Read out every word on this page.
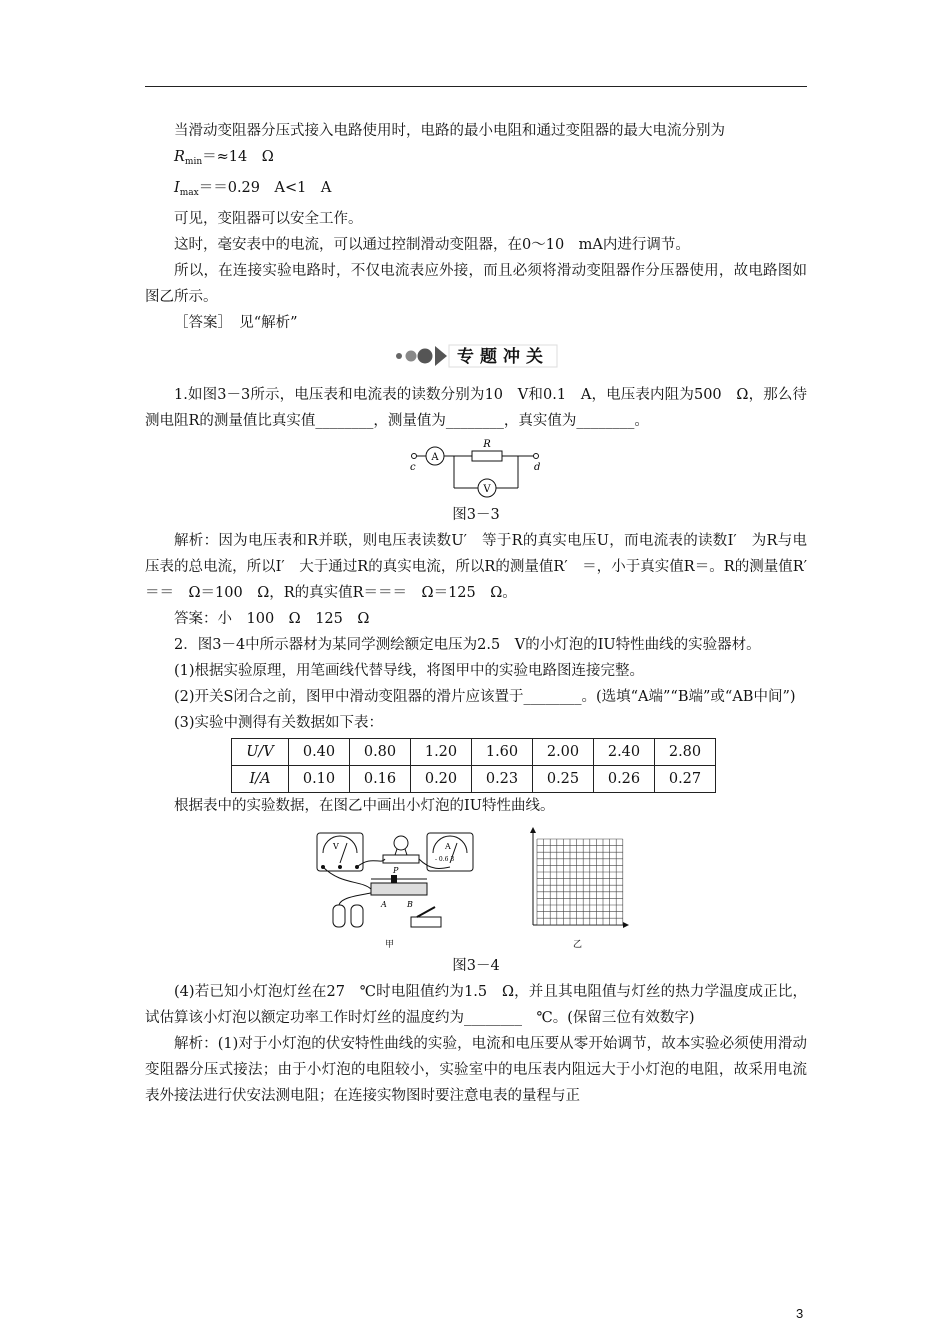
当滑动变阻器分压式接入电路使用时，电路的最小电阻和通过变阻器的最大电流分别为

$R_{min}=\approx 14$　Ω

$I_{max}==0.29$　A<1　A

可见，变阻器可以安全工作。

这时，毫安表中的电流，可以通过控制滑动变阻器，在0～10　mA内进行调节。

所以，在连接实验电路时，不仅电流表应外接，而且必须将滑动变阻器作分压器使用，故电路图如图乙所示。

［答案］　见“解析”

专题冲关

1.如图3－3所示，电压表和电流表的读数分别为10　V和0.1　A，电压表内阻为500　Ω，那么待测电阻R的测量值比真实值________，测量值为________，真实值为________。

A
R
V
c	d

图3－3

解析：因为电压表和R并联，则电压表读数U′　等于R的真实电压U，而电流表的读数I′　为R与电压表的总电流，所以I′　大于通过R的真实电流，所以R的测量值R′　＝，小于真实值R＝。R的测量值R′　＝＝　Ω＝100　Ω，R的真实值R＝＝＝　Ω＝125　Ω。

答案：小　100　Ω　125　Ω

2．图3－4中所示器材为某同学测绘额定电压为2.5　V的小灯泡的IU特性曲线的实验器材。

(1)根据实验原理，用笔画线代替导线，将图甲中的实验电路图连接完整。

(2)开关S闭合之前，图甲中滑动变阻器的滑片应该置于________。(选填“A端”“B端”或“AB中间”)

(3)实验中测得有关数据如下表：

U/V	0.40	0.80	1.20	1.60	2.00	2.40	2.80
I/A	0.10	0.16	0.20	0.23	0.25	0.26	0.27

根据表中的实验数据，在图乙中画出小灯泡的IU特性曲线。

V	A
- 0.6 3
P
A	B
甲	乙

图3－4

(4)若已知小灯泡灯丝在27　℃时电阻值约为1.5　Ω，并且其电阻值与灯丝的热力学温度成正比，试估算该小灯泡以额定功率工作时灯丝的温度约为________　℃。(保留三位有效数字)

解析：(1)对于小灯泡的伏安特性曲线的实验，电流和电压要从零开始调节，故本实验必须使用滑动变阻器分压式接法；由于小灯泡的电阻较小，实验室中的电压表内阻远大于小灯泡的电阻，故采用电流表外接法进行伏安法测电阻；在连接实物图时要注意电表的量程与正

3
